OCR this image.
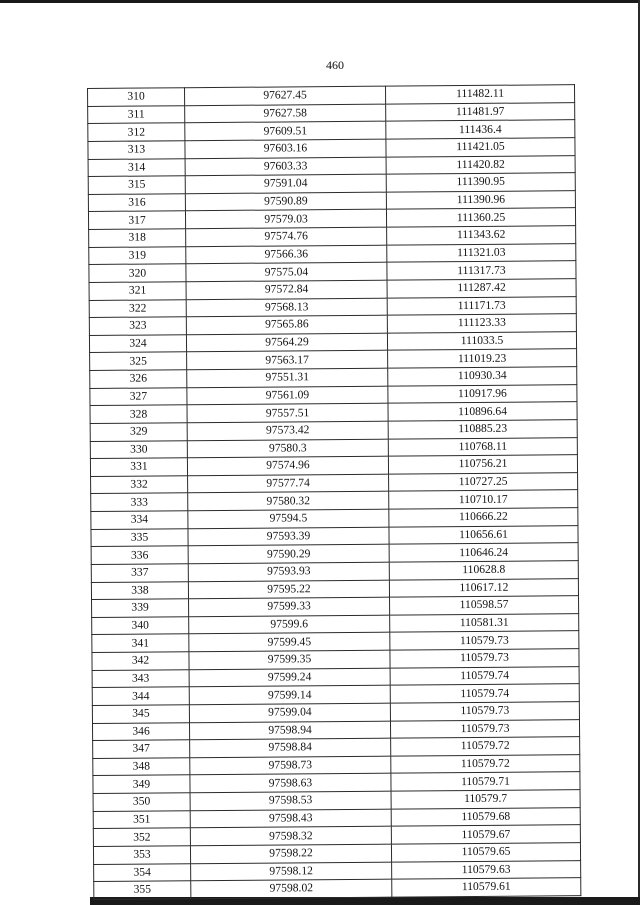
460
310	97627.45	111482.11
311	97627.58	111481.97
312	97609.51	111436.4
313	97603.16	111421.05
314	97603.33	111420.82
315	97591.04	111390.95
316	97590.89	111390.96
317	97579.03	111360.25
318	97574.76	111343.62
319	97566.36	111321.03
320	97575.04	111317.73
321	97572.84	111287.42
322	97568.13	111171.73
323	97565.86	111123.33
324	97564.29	111033.5
325	97563.17	111019.23
326	97551.31	110930.34
327	97561.09	110917.96
328	97557.51	110896.64
329	97573.42	110885.23
330	97580.3	110768.11
331	97574.96	110756.21
332	97577.74	110727.25
333	97580.32	110710.17
334	97594.5	110666.22
335	97593.39	110656.61
336	97590.29	110646.24
337	97593.93	110628.8
338	97595.22	110617.12
339	97599.33	110598.57
340	97599.6	110581.31
341	97599.45	110579.73
342	97599.35	110579.73
343	97599.24	110579.74
344	97599.14	110579.74
345	97599.04	110579.73
346	97598.94	110579.73
347	97598.84	110579.72
348	97598.73	110579.72
349	97598.63	110579.71
350	97598.53	110579.7
351	97598.43	110579.68
352	97598.32	110579.67
353	97598.22	110579.65
354	97598.12	110579.63
355	97598.02	110579.61
